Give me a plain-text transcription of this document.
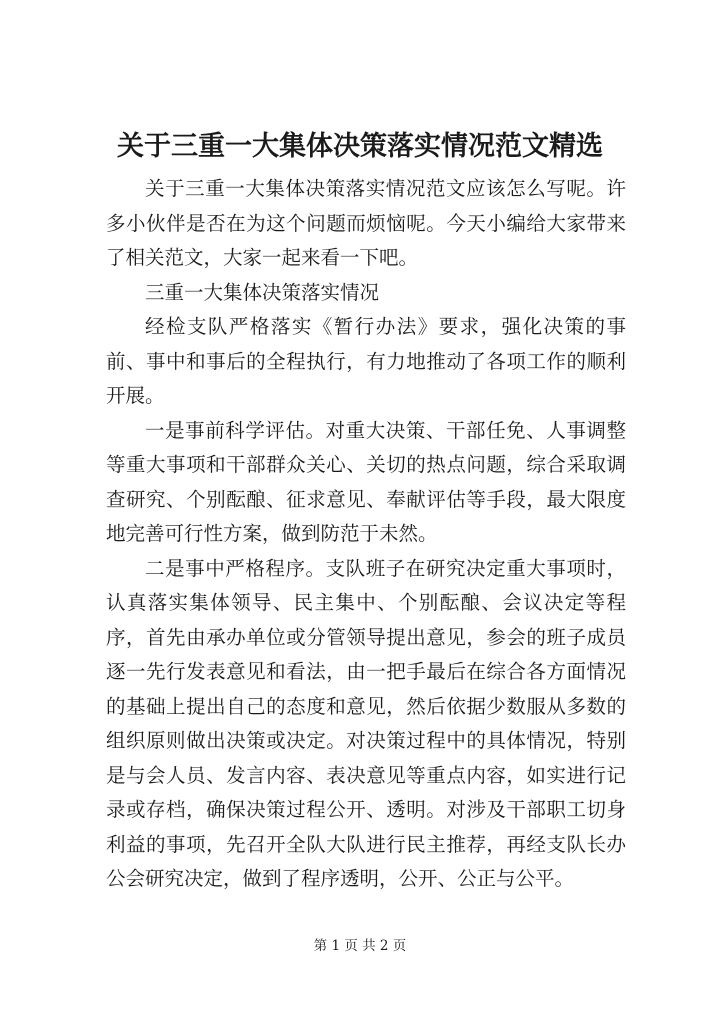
关于三重一大集体决策落实情况范文精选

关于三重一大集体决策落实情况范文应该怎么写呢。许多小伙伴是否在为这个问题而烦恼呢。今天小编给大家带来了相关范文，大家一起来看一下吧。

三重一大集体决策落实情况

经检支队严格落实《暂行办法》要求，强化决策的事前、事中和事后的全程执行，有力地推动了各项工作的顺利开展。

一是事前科学评估。对重大决策、干部任免、人事调整等重大事项和干部群众关心、关切的热点问题，综合采取调查研究、个别酝酿、征求意见、奉献评估等手段，最大限度地完善可行性方案，做到防范于未然。

二是事中严格程序。支队班子在研究决定重大事项时，认真落实集体领导、民主集中、个别酝酿、会议决定等程序，首先由承办单位或分管领导提出意见，参会的班子成员逐一先行发表意见和看法，由一把手最后在综合各方面情况的基础上提出自己的态度和意见，然后依据少数服从多数的组织原则做出决策或决定。对决策过程中的具体情况，特别是与会人员、发言内容、表决意见等重点内容，如实进行记录或存档，确保决策过程公开、透明。对涉及干部职工切身利益的事项，先召开全队大队进行民主推荐，再经支队长办公会研究决定，做到了程序透明，公开、公正与公平。

第 1 页 共 2 页
